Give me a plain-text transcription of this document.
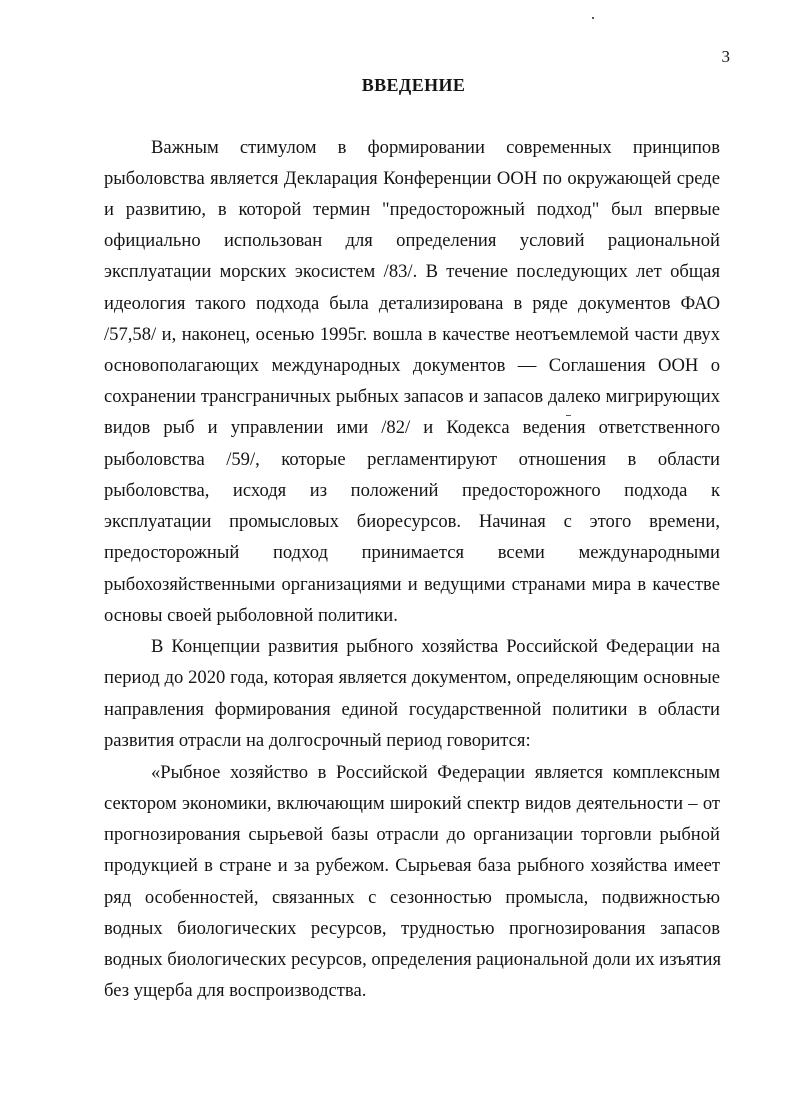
3
ВВЕДЕНИЕ
Важным стимулом в формировании современных принципов
рыболовства является Декларация Конференции ООН по окружающей среде
и развитию, в которой термин "предосторожный подход" был впервые
официально использован для определения условий рациональной
эксплуатации морских экосистем /83/. В течение последующих лет общая
идеология такого подхода была детализирована в ряде документов ФАО
/57,58/ и, наконец, осенью 1995г. вошла в качестве неотъемлемой части двух
основополагающих международных документов — Соглашения ООН о
сохранении трансграничных рыбных запасов и запасов далеко мигрирующих
видов рыб и управлении ими /82/ и Кодекса ведения ответственного
рыболовства /59/, которые регламентируют отношения в области
рыболовства, исходя из положений предосторожного подхода к
эксплуатации промысловых биоресурсов. Начиная с этого времени,
предосторожный подход принимается всеми международными
рыбохозяйственными организациями и ведущими странами мира в качестве
основы своей рыболовной политики.
В Концепции развития рыбного хозяйства Российской Федерации на
период до 2020 года, которая является документом, определяющим основные
направления формирования единой государственной политики в области
развития отрасли на долгосрочный период говорится:
«Рыбное хозяйство в Российской Федерации является комплексным
сектором экономики, включающим широкий спектр видов деятельности – от
прогнозирования сырьевой базы отрасли до организации торговли рыбной
продукцией в стране и за рубежом. Сырьевая база рыбного хозяйства имеет
ряд особенностей, связанных с сезонностью промысла, подвижностью
водных биологических ресурсов, трудностью прогнозирования запасов
водных биологических ресурсов, определения рациональной доли их изъятия
без ущерба для воспроизводства.
